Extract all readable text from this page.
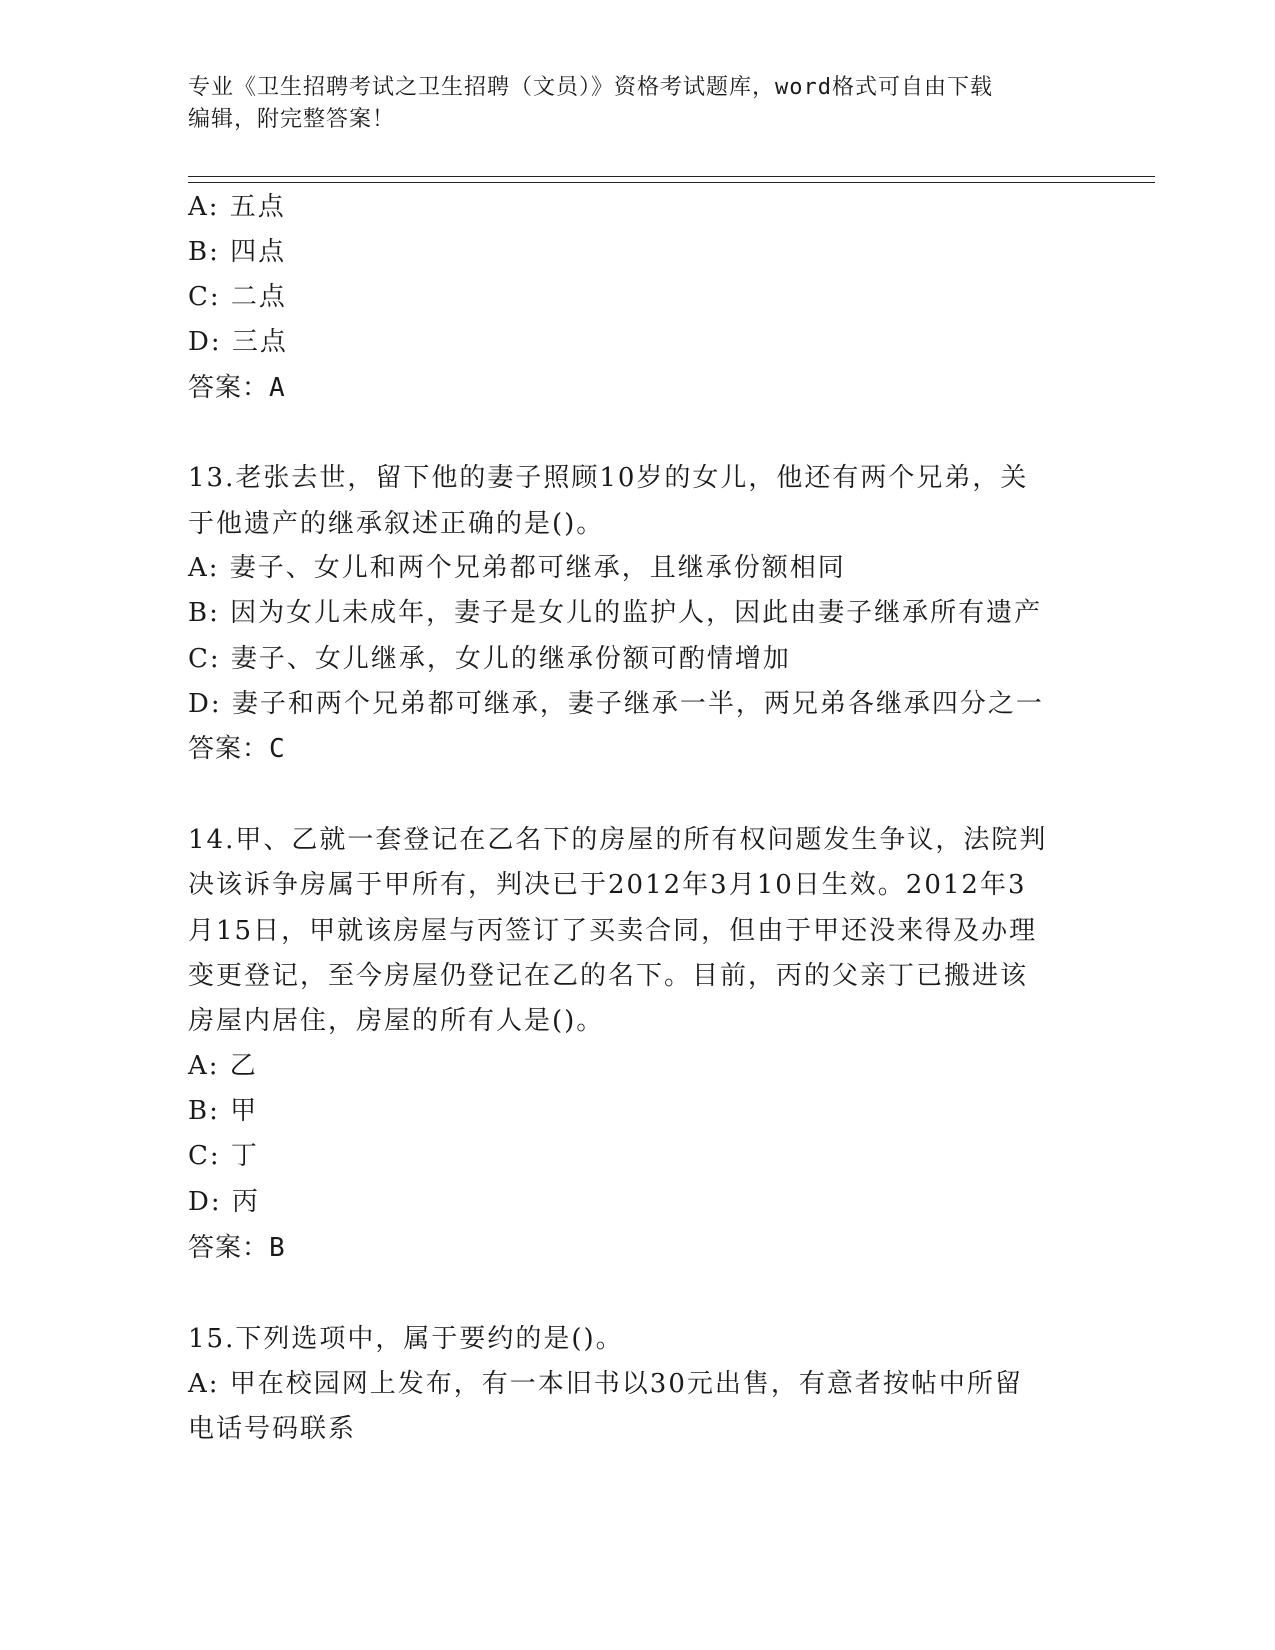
专业《卫生招聘考试之卫生招聘（文员）》资格考试题库，word格式可自由下载
编辑，附完整答案！
A: 五点
B: 四点
C: 二点
D: 三点
答案：A
13.老张去世，留下他的妻子照顾10岁的女儿，他还有两个兄弟，关
于他遗产的继承叙述正确的是()。
A: 妻子、女儿和两个兄弟都可继承，且继承份额相同
B: 因为女儿未成年，妻子是女儿的监护人，因此由妻子继承所有遗产
C: 妻子、女儿继承，女儿的继承份额可酌情增加
D: 妻子和两个兄弟都可继承，妻子继承一半，两兄弟各继承四分之一
答案：C
14.甲、乙就一套登记在乙名下的房屋的所有权问题发生争议，法院判
决该诉争房属于甲所有，判决已于2012年3月10日生效。2012年3
月15日，甲就该房屋与丙签订了买卖合同，但由于甲还没来得及办理
变更登记，至今房屋仍登记在乙的名下。目前，丙的父亲丁已搬进该
房屋内居住，房屋的所有人是()。
A: 乙
B: 甲
C: 丁
D: 丙
答案：B
15.下列选项中，属于要约的是()。
A: 甲在校园网上发布，有一本旧书以30元出售，有意者按帖中所留
电话号码联系
